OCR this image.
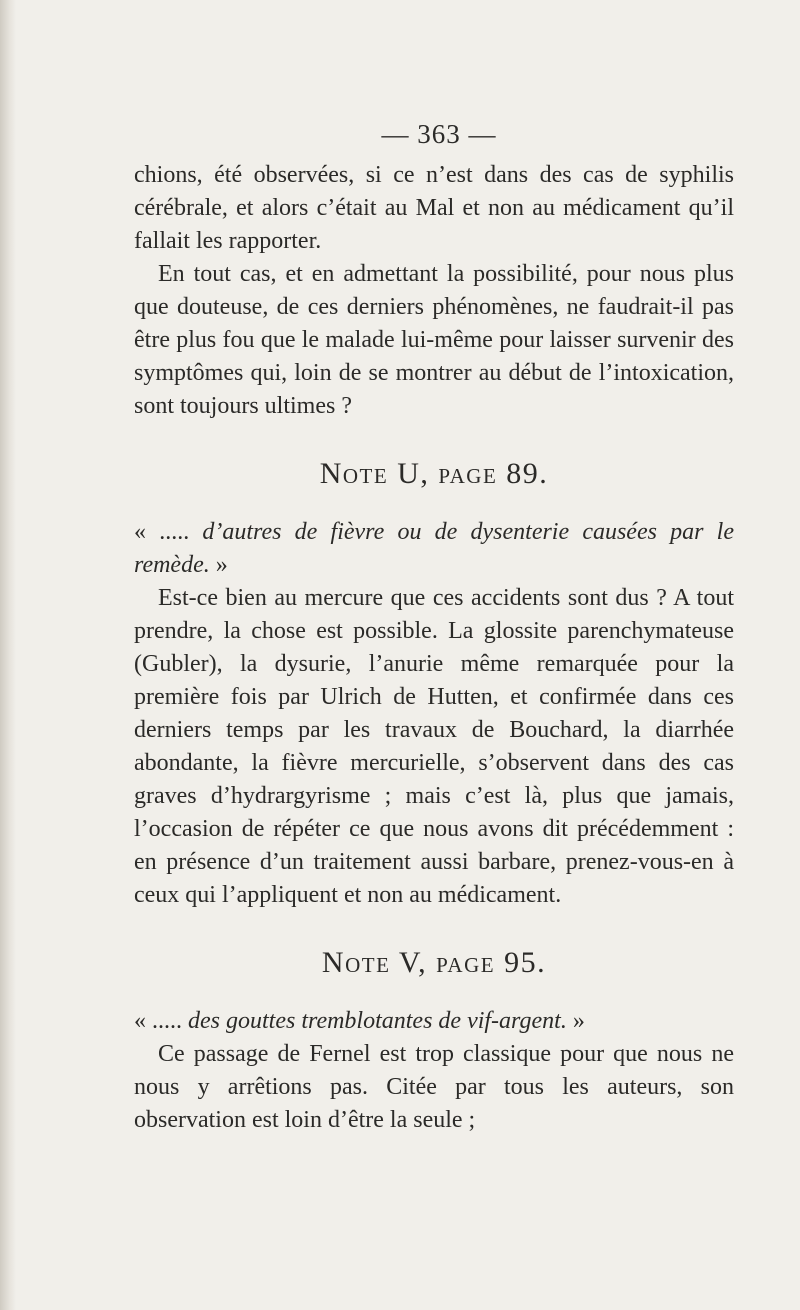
— 363 —

chions, été observées, si ce n’est dans des cas de syphilis cérébrale, et alors c’était au Mal et non au médicament qu’il fallait les rapporter.

En tout cas, et en admettant la possibilité, pour nous plus que douteuse, de ces derniers phénomènes, ne faudrait-il pas être plus fou que le malade lui-même pour laisser survenir des symptômes qui, loin de se montrer au début de l’intoxication, sont toujours ultimes ?

Note U, page 89.

« ..... d’autres de fièvre ou de dysenterie causées par le remède. »

Est-ce bien au mercure que ces accidents sont dus ? A tout prendre, la chose est possible. La glossite parenchymateuse (Gubler), la dysurie, l’anurie même remarquée pour la première fois par Ulrich de Hutten, et confirmée dans ces derniers temps par les travaux de Bouchard, la diarrhée abondante, la fièvre mercurielle, s’observent dans des cas graves d’hydrargyrisme ; mais c’est là, plus que jamais, l’occasion de répéter ce que nous avons dit précédemment : en présence d’un traitement aussi barbare, prenez-vous-en à ceux qui l’appliquent et non au médicament.

Note V, page 95.

« ..... des gouttes tremblotantes de vif-argent. »

Ce passage de Fernel est trop classique pour que nous ne nous y arrêtions pas. Citée par tous les auteurs, son observation est loin d’être la seule ;
